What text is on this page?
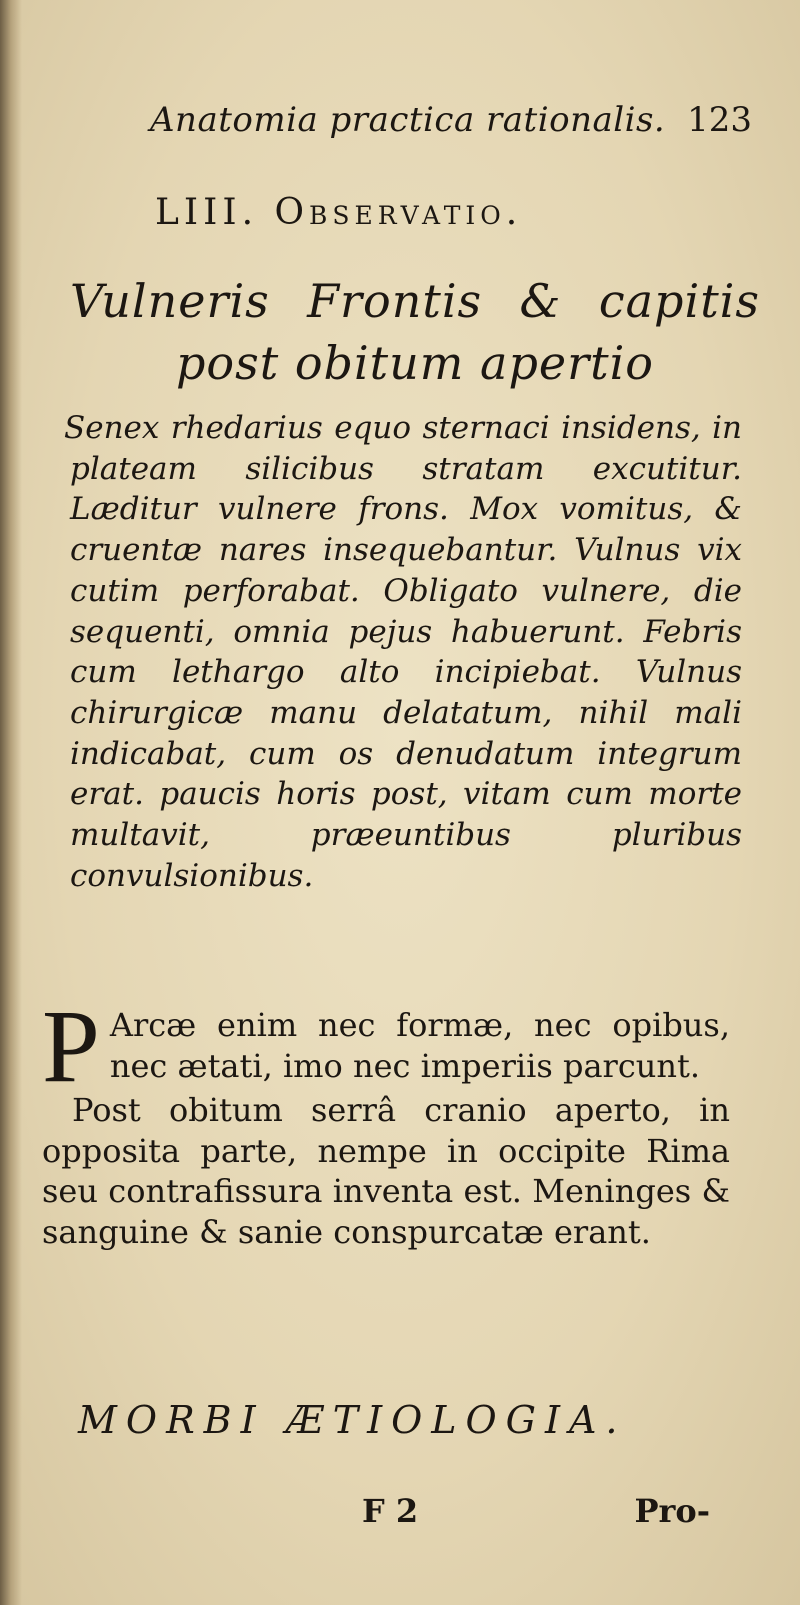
Anatomia practica rationalis. 123
LIII. Observatio.
Vulneris Frontis & capitis
post obitum apertio
Senex rhedarius equo sternaci insidens, in plateam silicibus stratam excutitur. Læditur vulnere frons. Mox vomitus, & cruentæ nares insequebantur. Vulnus vix cutim perforabat. Obligato vulnere, die sequenti, omnia pejus habuerunt. Febris cum lethargo alto incipiebat. Vulnus chirurgicæ manu delatatum, nihil mali indicabat, cum os denudatum integrum erat. paucis horis post, vitam cum morte multavit, præeuntibus pluribus convulsionibus.

P Arcæ enim nec formæ, nec opibus, nec ætati, imo nec imperiis parcunt.

Post obitum serrâ cranio aperto, in opposita parte, nempe in occipite Rima seu contrafissura inventa est. Meninges & sanguine & sanie conspurcatæ erant.

MORBI ÆTIOLOGIA.
F 2	Pro-
